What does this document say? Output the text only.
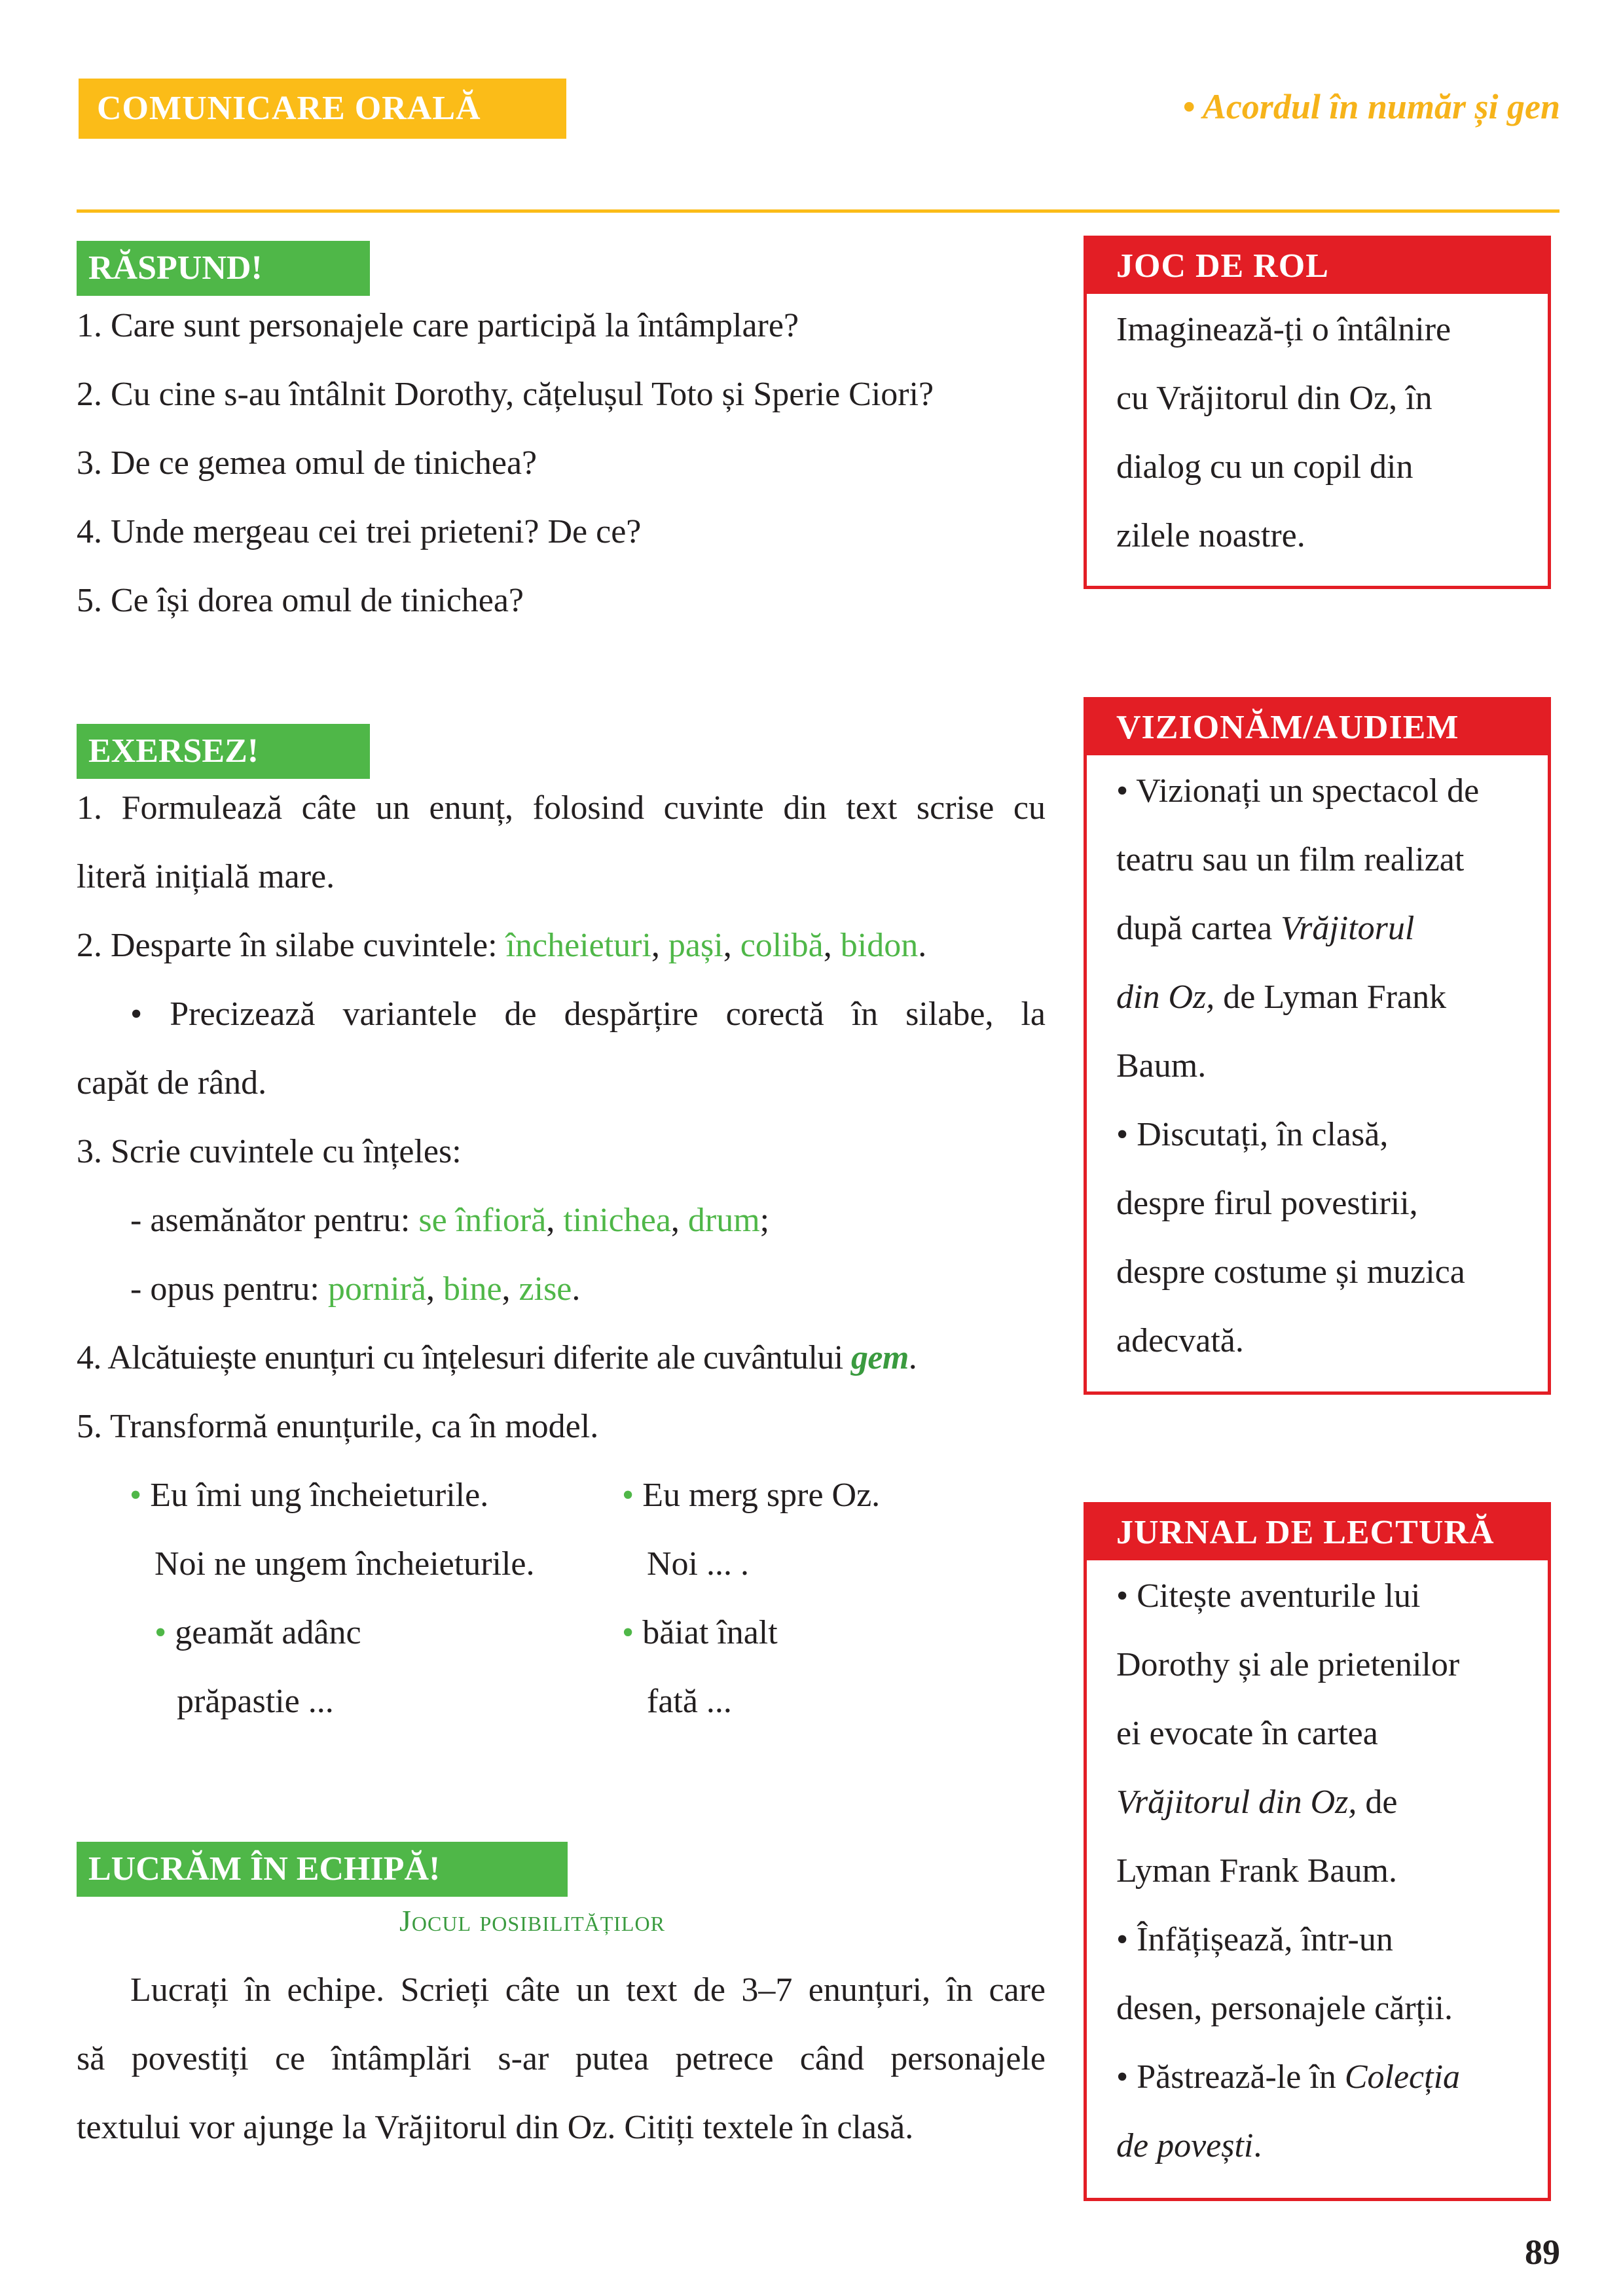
COMUNICARE ORALĂ	• Acordul în număr și gen
RĂSPUND!
1. Care sunt personajele care participă la întâmplare?
2. Cu cine s-au întâlnit Dorothy, cățelușul Toto și Sperie Ciori?
3. De ce gemea omul de tinichea?
4. Unde mergeau cei trei prieteni? De ce?
5. Ce își dorea omul de tinichea?
EXERSEZ!
1. Formulează câte un enunț, folosind cuvinte din text scrise cu
literă inițială mare.
2. Desparte în silabe cuvintele: încheieturi, pași, colibă, bidon.
• Precizează variantele de despărțire corectă în silabe, la
capăt de rând.
3. Scrie cuvintele cu înțeles:
- asemănător pentru: se înfioră, tinichea, drum;
- opus pentru: porniră, bine, zise.
4. Alcătuiește enunțuri cu înțelesuri diferite ale cuvântului gem.
5. Transformă enunțurile, ca în model.
• Eu îmi ung încheieturile.
Noi ne ungem încheieturile.
• geamăt adânc
prăpastie ...
• Eu merg spre Oz.
Noi ... .
• băiat înalt
fată ...
LUCRĂM ÎN ECHIPĂ!
Jocul posibilităților
Lucrați în echipe. Scrieți câte un text de 3–7 enunțuri, în care
să povestiți ce întâmplări s-ar putea petrece când personajele
textului vor ajunge la Vrăjitorul din Oz. Citiți textele în clasă.
JOC DE ROL
Imaginează-ți o întâlnire
cu Vrăjitorul din Oz, în
dialog cu un copil din
zilele noastre.
VIZIONĂM/AUDIEM
• Vizionați un spectacol de
teatru sau un film realizat
după cartea Vrăjitorul
din Oz, de Lyman Frank
Baum.
• Discutați, în clasă,
despre firul povestirii,
despre costume și muzica
adecvată.
JURNAL DE LECTURĂ
• Citește aventurile lui
Dorothy și ale prietenilor
ei evocate în cartea
Vrăjitorul din Oz, de
Lyman Frank Baum.
• Înfățișează, într-un
desen, personajele cărții.
• Păstrează-le în Colecția
de povești.
89
